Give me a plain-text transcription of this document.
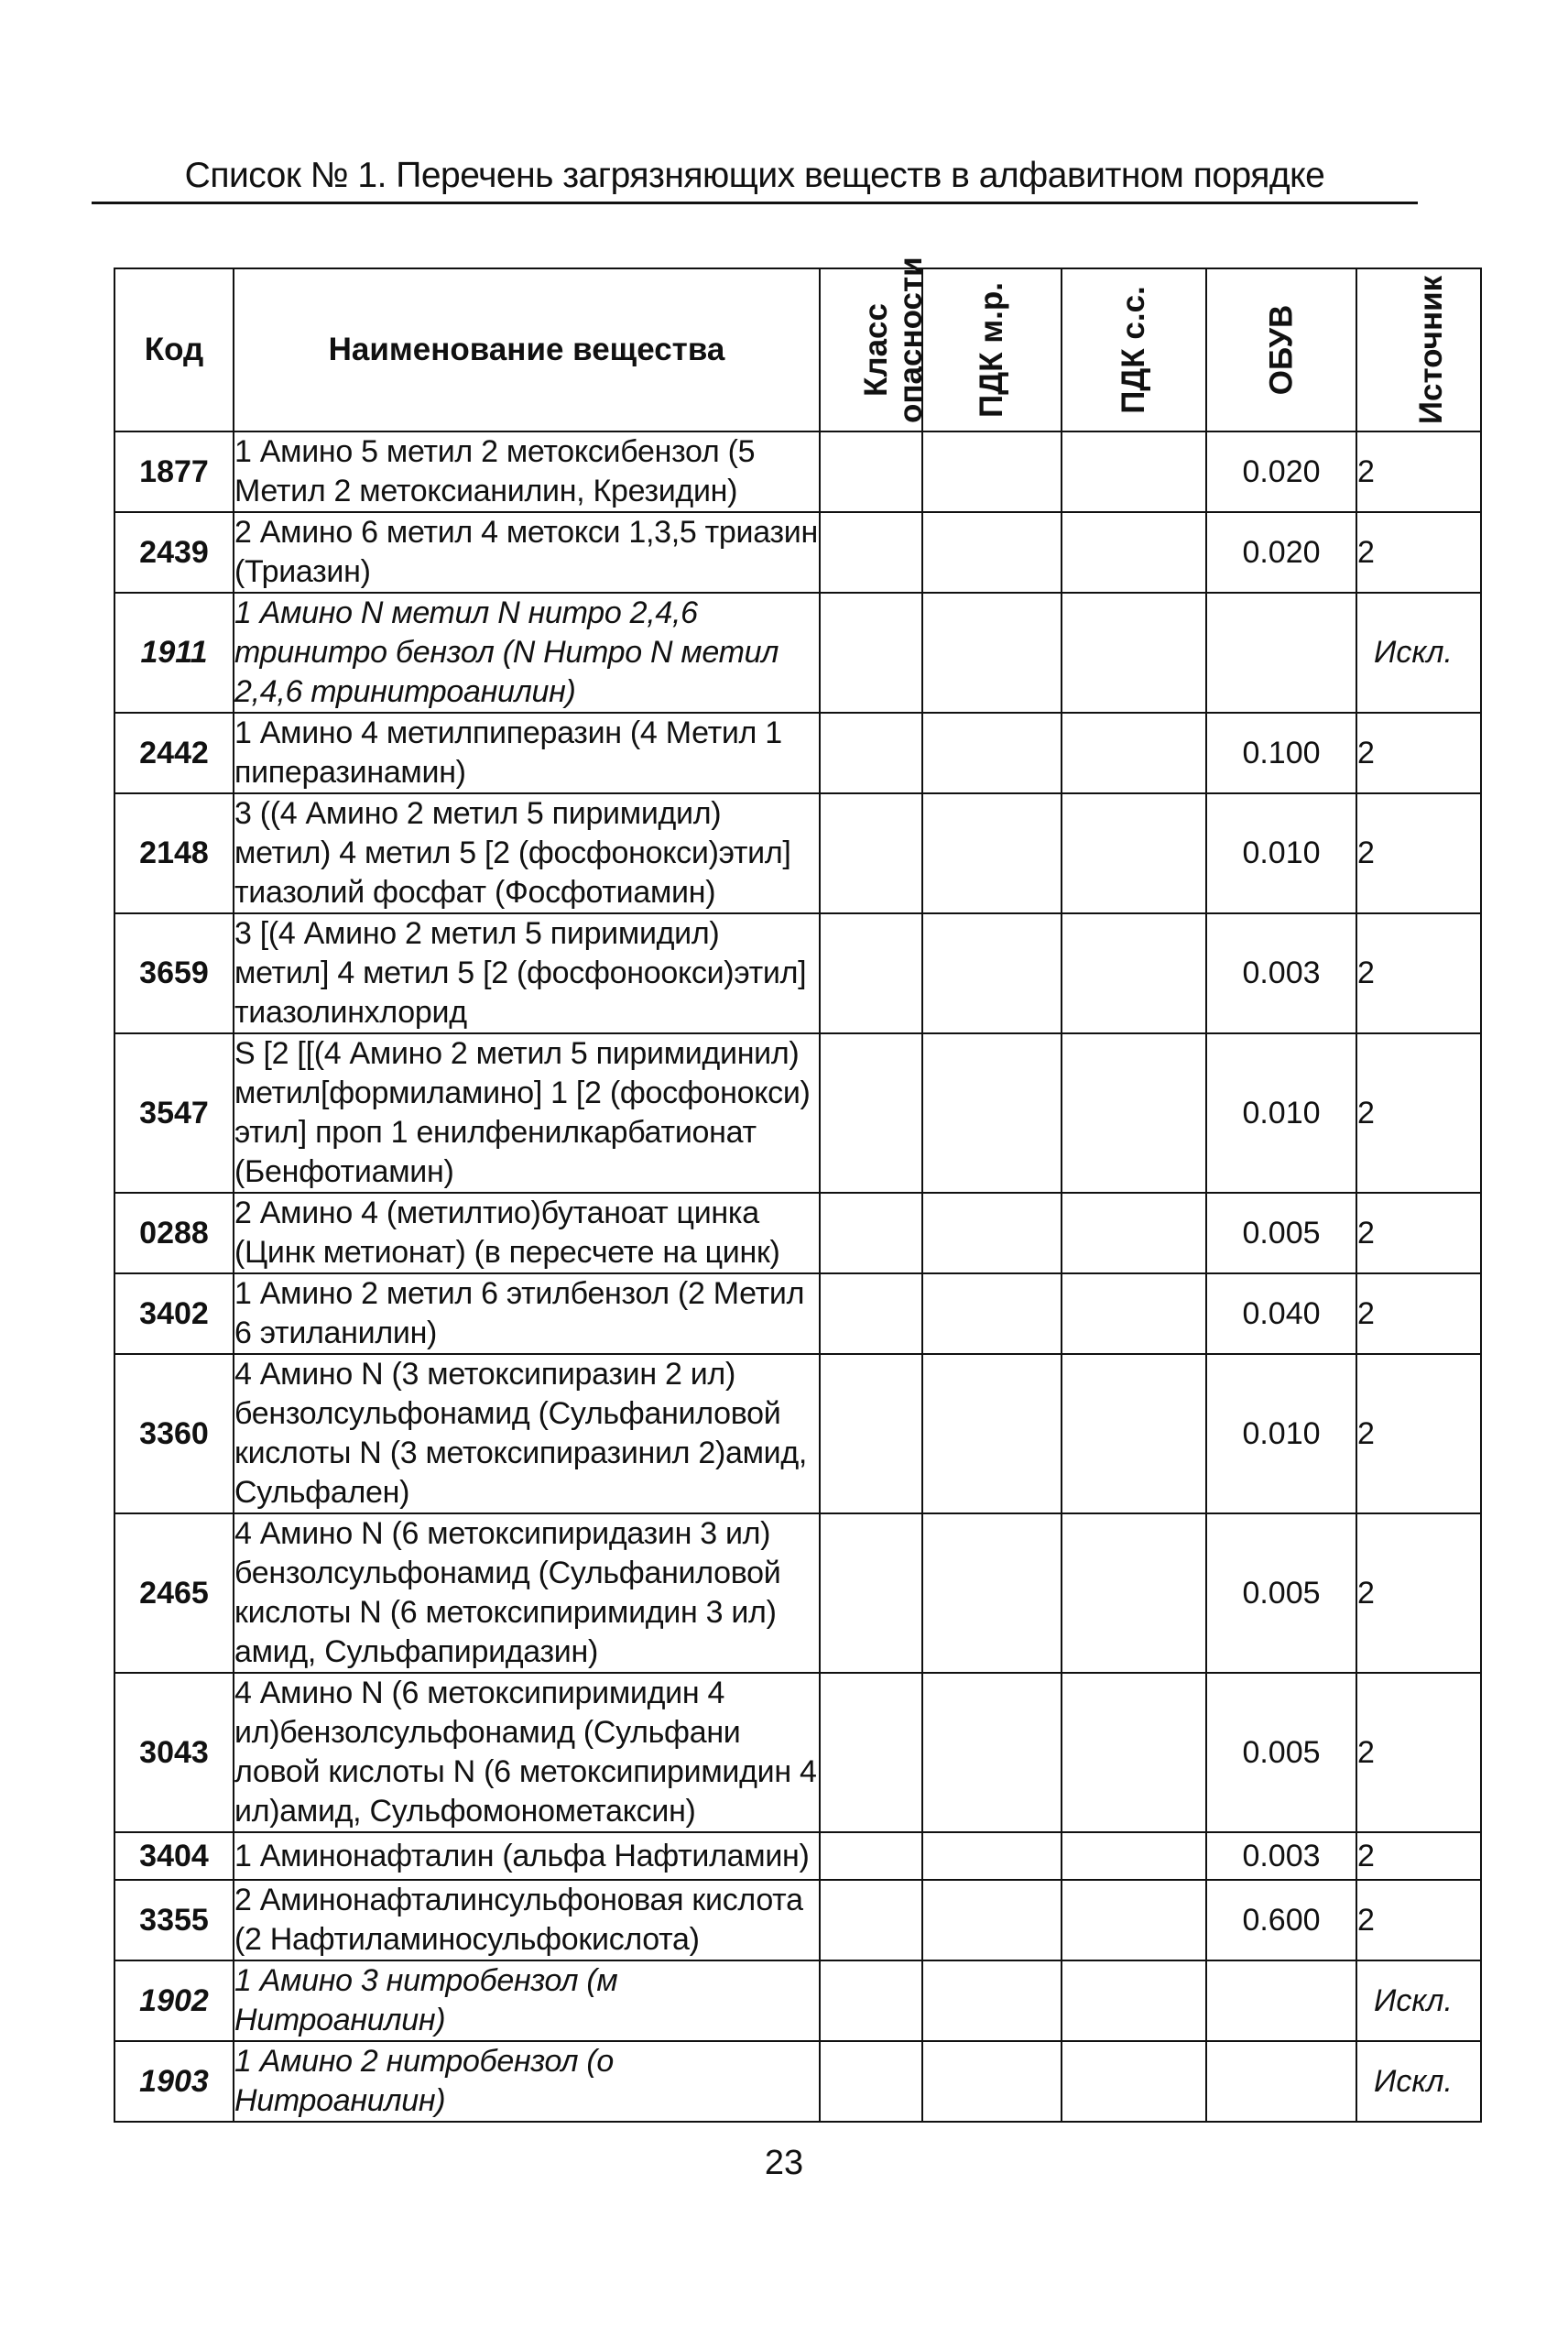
Список № 1. Перечень загрязняющих веществ в алфавитном порядке
Код	Наименование вещества	Класс опасности	ПДК м.р.	ПДК с.с.	ОБУВ	Источник
1877	1 Амино 5 метил 2 метоксибензол (5 Метил 2 метоксианилин, Крезидин)				0.020	2
2439	2 Амино 6 метил 4 метокси 1,3,5 триазин (Триазин)				0.020	2
1911	1 Амино N метил N нитро 2,4,6 тринитро бензол (N Нитро N метил 2,4,6 тринитроанилин)					Искл.
2442	1 Амино 4 метилпиперазин (4 Метил 1 пиперазинамин)				0.100	2
2148	3 ((4 Амино 2 метил 5 пиримидил) метил) 4 метил 5 [2 (фосфонокси)этил] тиазолий фосфат (Фосфотиамин)				0.010	2
3659	3 [(4 Амино 2 метил 5 пиримидил) метил] 4 метил 5 [2 (фосфоноокси)этил] тиазолинхлорид				0.003	2
3547	S [2 [[(4 Амино 2 метил 5 пиримидинил) метил[формиламино] 1 [2 (фосфонокси) этил] проп 1 енилфенилкарбатионат (Бенфотиамин)				0.010	2
0288	2 Амино 4 (метилтио)бутаноат цинка (Цинк метионат) (в пересчете на цинк)				0.005	2
3402	1 Амино 2 метил 6 этилбензол (2 Метил 6 этиланилин)				0.040	2
3360	4 Амино N (3 метоксипиразин 2 ил) бензолсульфонамид (Сульфаниловой кислоты N (3 метоксипиразинил 2)амид, Сульфален)				0.010	2
2465	4 Амино N (6 метоксипиридазин 3 ил) бензолсульфонамид (Сульфаниловой кислоты N (6 метоксипиримидин 3 ил) амид, Сульфапиридазин)				0.005	2
3043	4 Амино N (6 метоксипиримидин 4 ил)бензолсульфонамид (Сульфани ловой кислоты N (6 метоксипиримидин 4 ил)амид, Сульфомонометаксин)				0.005	2
3404	1 Аминонафталин (альфа Нафтиламин)				0.003	2
3355	2 Аминонафталинсульфоновая кислота (2 Нафтиламиносульфокислота)				0.600	2
1902	1 Амино 3 нитробензол (м Нитроанилин)					Искл.
1903	1 Амино 2 нитробензол (о Нитроанилин)					Искл.
23
